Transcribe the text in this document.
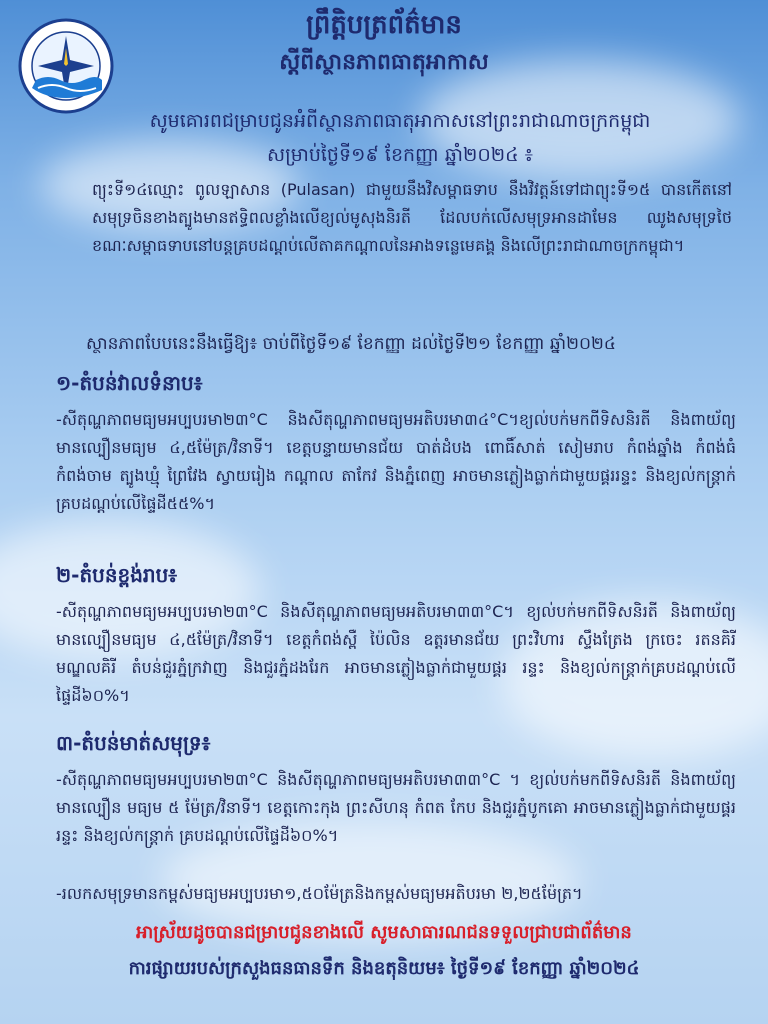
ព្រឹត្តិបត្រព័ត៌មាន
ស្តីពីស្ថានភាពធាតុអាកាស
សូមគោរពជម្រាបជូនអំពីស្ថានភាពធាតុអាកាសនៅព្រះរាជាណាចក្រកម្ពុជា
សម្រាប់ថ្ងៃទី១៩ ខែកញ្ញា ឆ្នាំ២០២៤ ៖
ព្យុះទី១៤ឈ្មោះ ពូលឡាសាន (Pulasan) ជាមួយនឹងវិសម្ពាធទាប នឹងវិវត្តន៍ទៅជាព្យុះទី១៥ បានកើតនៅសមុទ្រចិនខាងត្បូងមានឥទ្ធិពលខ្លាំងលើខ្យល់មូសុងនិរតី ដែលបក់លើសមុទ្រអានដាមែន ឈូងសមុទ្រថៃ ខណៈសម្ពាធទាបនៅបន្តគ្របដណ្តប់លើតាគកណ្តាលនៃអាងទន្លេមេគង្គ និងលើព្រះរាជាណាចក្រកម្ពុជា។
ស្ថានភាពបែបនេះនឹងធ្វើឱ្យ៖ ចាប់ពីថ្ងៃទី១៩ ខែកញ្ញា ដល់ថ្ងៃទី២១ ខែកញ្ញា ឆ្នាំ២០២៤
១-តំបន់វាលទំនាប៖
-សីតុណ្ហភាពមធ្យមអប្បបរមា២៣°C និងសីតុណ្ហភាពមធ្យមអតិបរមា៣៤°C។ខ្យល់បក់មកពីទិសនិរតី និងពាយ័ព្យ មានល្បឿនមធ្យម ៤,៥ម៉ែត្រ/វិនាទី។ ខេត្តបន្ទាយមានជ័យ បាត់ដំបង ពោធិ៍សាត់ សៀមរាប កំពង់ឆ្នាំង កំពង់ធំ កំពង់ចាម ត្បូងឃ្មុំ ព្រៃវែង ស្វាយរៀង កណ្តាល តាកែវ និងភ្នំពេញ អាចមានភ្លៀងធ្លាក់ជាមួយផ្គររន្ទះ និងខ្យល់កន្ត្រាក់គ្របដណ្តប់លើផ្ទៃដី៥៥%។
២-តំបន់ខ្ពង់រាប៖
-សីតុណ្ហភាពមធ្យមអប្បបរមា២៣°C និងសីតុណ្ហភាពមធ្យមអតិបរមា៣៣°C។ ខ្យល់បក់មកពីទិសនិរតី និងពាយ័ព្យមានល្បឿនមធ្យម ៤,៥ម៉ែត្រ/វិនាទី។ ខេត្តកំពង់ស្ពឺ ប៉ៃលិន ឧត្តរមានជ័យ ព្រះវិហារ ស្ទឹងត្រែង ក្រចេះ រតនគិរី មណ្ឌលគិរី តំបន់ជួរភ្នំក្រវាញ និងជួរភ្នំដងរែក អាចមានភ្លៀងធ្លាក់ជាមួយផ្គរ រន្ទះ និងខ្យល់កន្ត្រាក់គ្របដណ្តប់លើផ្ទៃដី៦០%។
៣-តំបន់មាត់សមុទ្រ៖
-សីតុណ្ហភាពមធ្យមអប្បបរមា២៣°C និងសីតុណ្ហភាពមធ្យមអតិបរមា៣៣°C ។ ខ្យល់បក់មកពីទិសនិរតី និងពាយ័ព្យ មានល្បឿន មធ្យម ៥ ម៉ែត្រ/វិនាទី។ ខេត្តកោះកុង ព្រះសីហនុ កំពត កែប និងជួរភ្នំបូកគោ អាចមានភ្លៀងធ្លាក់ជាមួយផ្គរ រន្ទះ និងខ្យល់កន្ត្រាក់ គ្របដណ្តប់លើផ្ទៃដី៦០%។
-រលកសមុទ្រមានកម្ពស់មធ្យមអប្បបរមា១,៥០ម៉ែត្រនិងកម្ពស់មធ្យមអតិបរមា ២,២៥ម៉ែត្រ។
អាស្រ័យដូចបានជម្រាបជូនខាងលើ សូមសាធារណជនទទួលជ្រាបជាព័ត៌មាន
ការផ្សាយរបស់ក្រសួងធនធានទឹក និងឧតុនិយម៖ ថ្ងៃទី១៩ ខែកញ្ញា ឆ្នាំ២០២៤
